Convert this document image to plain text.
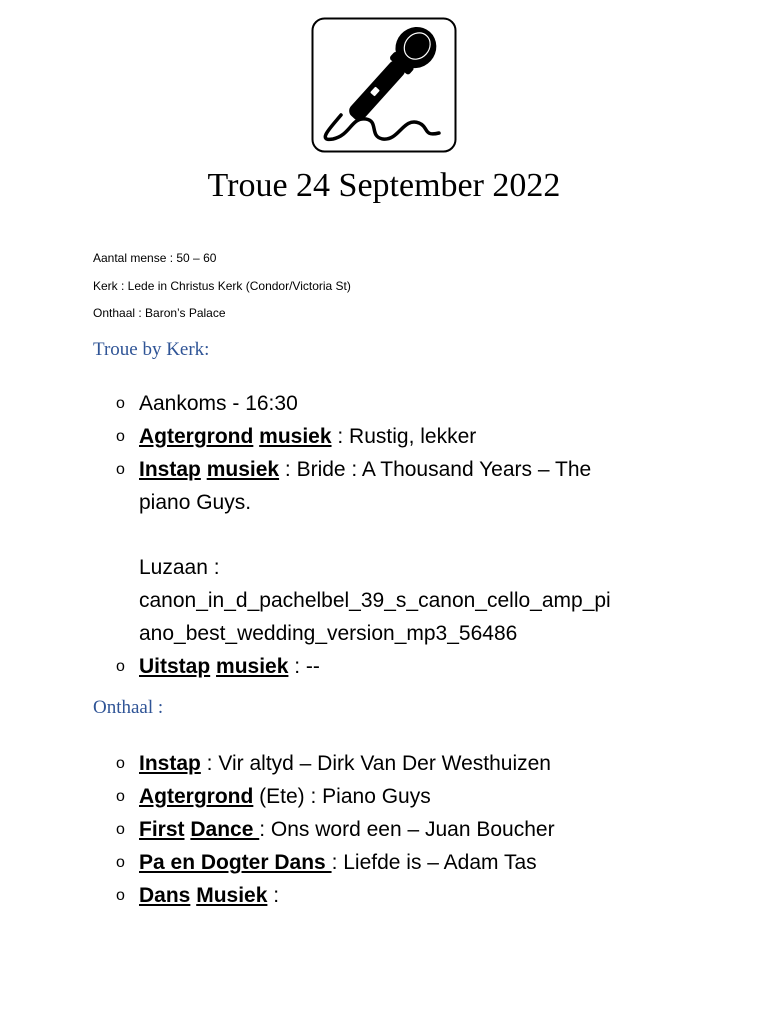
Troue 24 September 2022
Aantal mense : 50 – 60
Kerk : Lede in Christus Kerk (Condor/Victoria St)
Onthaal : Baron’s Palace
Troue by Kerk:
o Aankoms - 16:30
o Agtergrond musiek : Rustig, lekker
o Instap musiek : Bride : A Thousand Years – The
piano Guys.
Luzaan :
canon_in_d_pachelbel_39_s_canon_cello_amp_pi
ano_best_wedding_version_mp3_56486
o Uitstap musiek : --
Onthaal :
o Instap : Vir altyd – Dirk Van Der Westhuizen
o Agtergrond (Ete) : Piano Guys
o First Dance : Ons word een – Juan Boucher
o Pa en Dogter Dans : Liefde is – Adam Tas
o Dans Musiek :
